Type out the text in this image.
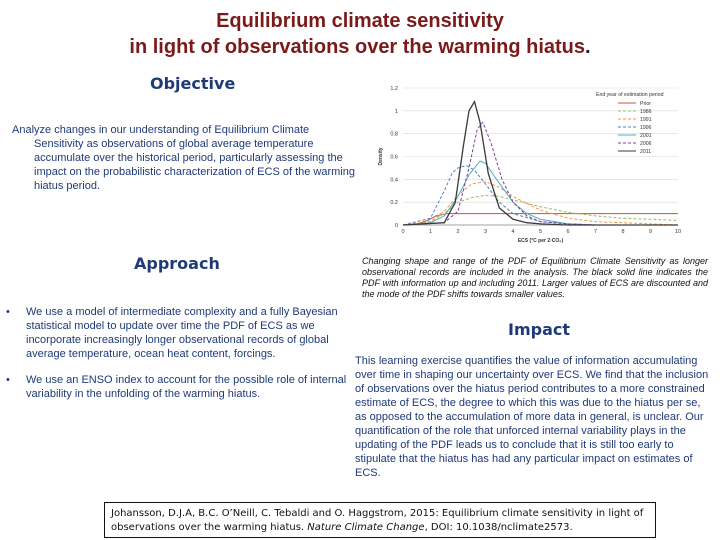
Equilibrium climate sensitivity
in light of observations over the warming hiatus.
Objective
Analyze changes in our understanding of Equilibrium Climate Sensitivity as observations of global average temperature accumulate over the historical period, particularly assessing the impact on the probabilistic characterization of ECS of the warming hiatus period.
Approach
• We use a model of intermediate complexity and a fully Bayesian statistical model to update over time the PDF of ECS as we incorporate increasingly longer observational records of global average temperature, ocean heat content, forcings.
• We use an ENSO index to account for the possible role of internal variability in the unfolding of the warming hiatus.
0
0.2
0.4
0.6
0.8
1
1.2
0	1	2	3	4	5	6	7	8	9	10
ECS (°C per 2·CO₂)
Density
End year of estimation period
Prior
1986
1991
1996
2001
2006
2011
Changing shape and range of the PDF of Equilibrium Climate Sensitivity as longer observational records are included in the analysis. The black solid line indicates the PDF with information up and including 2011. Larger values of ECS are discounted and the mode of the PDF shifts towards smaller values.
Impact
This learning exercise quantifies the value of information accumulating over time in shaping our uncertainty over ECS. We find that the inclusion of observations over the hiatus period contributes to a more constrained estimate of ECS, the degree to which this was due to the hiatus per se, as opposed to the accumulation of more data in general, is unclear. Our quantification of the role that unforced internal variability plays in the updating of the PDF leads us to conclude that it is still too early to stipulate that the hiatus has had any particular impact on estimates of ECS.
Johansson, D.J.A, B.C. O’Neill, C. Tebaldi and O. Haggstrom, 2015: Equilibrium climate sensitivity in light of observations over the warming hiatus. Nature Climate Change, DOI: 10.1038/nclimate2573.
